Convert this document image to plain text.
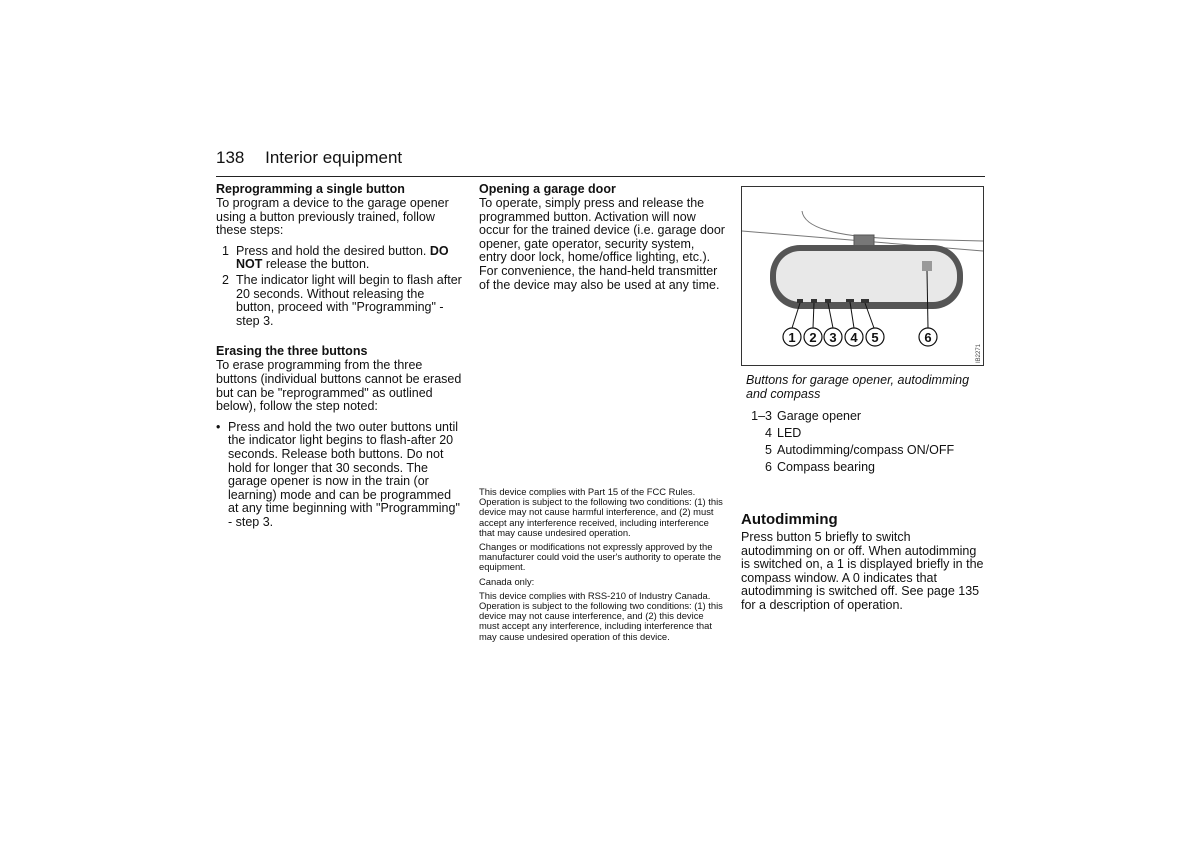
138 Interior equipment
Reprogramming a single button

To program a device to the garage opener using a button previously trained, follow these steps:

1 Press and hold the desired button. DO NOT release the button.
2 The indicator light will begin to flash after 20 seconds. Without releasing the button, proceed with "Programming" - step 3.
Erasing the three buttons

To erase programming from the three buttons (individual buttons cannot be erased but can be "reprogrammed" as outlined below), follow the step noted:

• Press and hold the two outer buttons until the indicator light begins to flash-after 20 seconds. Release both buttons. Do not hold for longer that 30 seconds. The garage opener is now in the train (or learning) mode and can be programmed at any time beginning with "Programming" - step 3.
Opening a garage door

To operate, simply press and release the programmed button. Activation will now occur for the trained device (i.e. garage door opener, gate operator, security system, entry door lock, home/office lighting, etc.). For convenience, the hand-held transmitter of the device may also be used at any time.

This device complies with Part 15 of the FCC Rules. Operation is subject to the following two conditions: (1) this device may not cause harmful interference, and (2) must accept any interference received, including interference that may cause undesired operation.

Changes or modifications not expressly approved by the manufacturer could void the user's authority to operate the equipment.

Canada only:

This device complies with RSS-210 of Industry Canada. Operation is subject to the following two conditions: (1) this device may not cause interference, and (2) this device must accept any interference, including interference that may cause undesired operation of this device.

1 2 3 4 5	6
IB2271
Buttons for garage opener, autodimming and compass
1–3 Garage opener
4 LED
5 Autodimming/compass ON/OFF
6 Compass bearing
Autodimming
Press button 5 briefly to switch autodimming on or off. When autodimming is switched on, a 1 is displayed briefly in the compass window. A 0 indicates that autodimming is switched off. See page 135 for a description of operation.
